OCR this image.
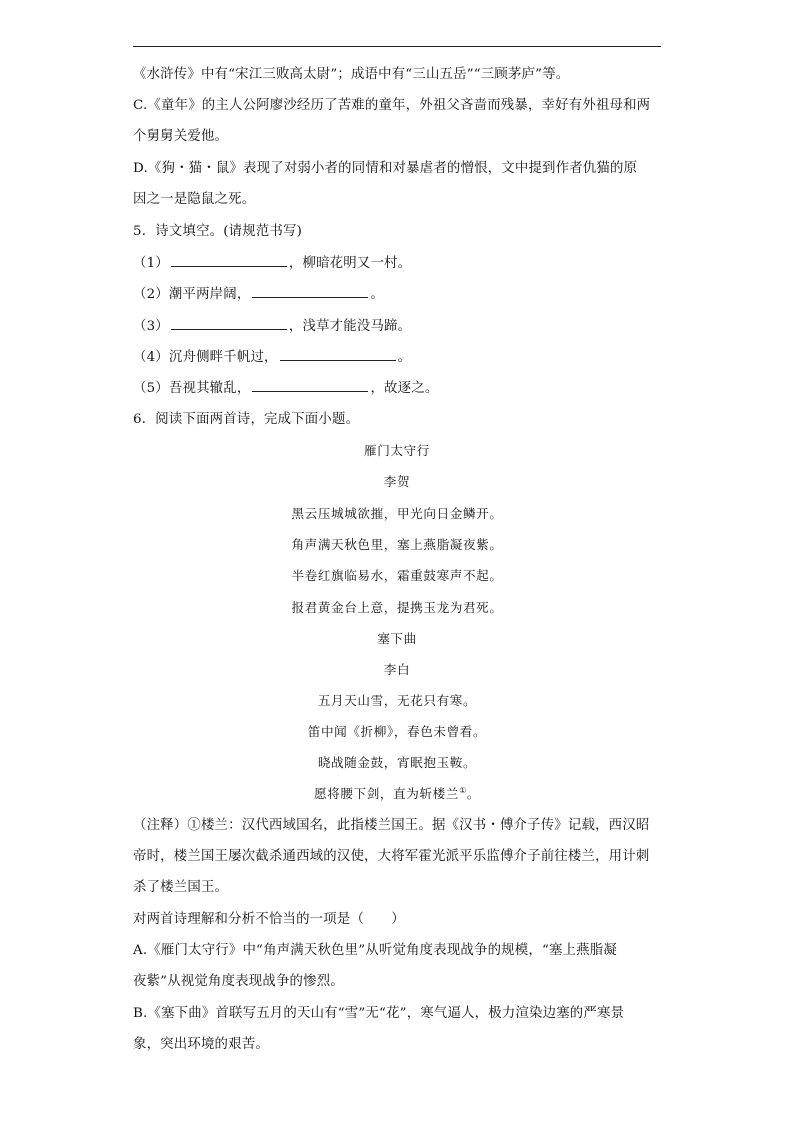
《水浒传》中有“宋江三败高太尉”；成语中有“三山五岳”“三顾茅庐”等。
C.《童年》的主人公阿廖沙经历了苦难的童年，外祖父吝啬而残暴，幸好有外祖母和两
个舅舅关爱他。
D.《狗・猫・鼠》表现了对弱小者的同情和对暴虐者的憎恨，文中提到作者仇猫的原
因之一是隐鼠之死。
5．诗文填空。(请规范书写)
（1）	，柳暗花明又一村。
（2）潮平两岸阔，	。
（3）	，浅草才能没马蹄。
（4）沉舟侧畔千帆过，	。
（5）吾视其辙乱，	，故逐之。
6．阅读下面两首诗，完成下面小题。
雁门太守行
李贺
黑云压城城欲摧，甲光向日金鳞开。
角声满天秋色里，塞上燕脂凝夜紫。
半卷红旗临易水，霜重鼓寒声不起。
报君黄金台上意，提携玉龙为君死。
塞下曲
李白
五月天山雪，无花只有寒。
笛中闻《折柳》，春色未曾看。
晓战随金鼓，宵眠抱玉鞍。
愿将腰下剑，直为斩楼兰①。
（注释）①楼兰：汉代西域国名，此指楼兰国王。据《汉书・傅介子传》记载，西汉昭
帝时，楼兰国王屡次截杀通西域的汉使，大将军霍光派平乐监傅介子前往楼兰，用计刺
杀了楼兰国王。
对两首诗理解和分析不恰当的一项是（　　）
A.《雁门太守行》中“角声满天秋色里”从听觉角度表现战争的规模，“塞上燕脂凝
夜紫”从视觉角度表现战争的惨烈。
B.《塞下曲》首联写五月的天山有“雪”无“花”，寒气逼人，极力渲染边塞的严寒景
象，突出环境的艰苦。
